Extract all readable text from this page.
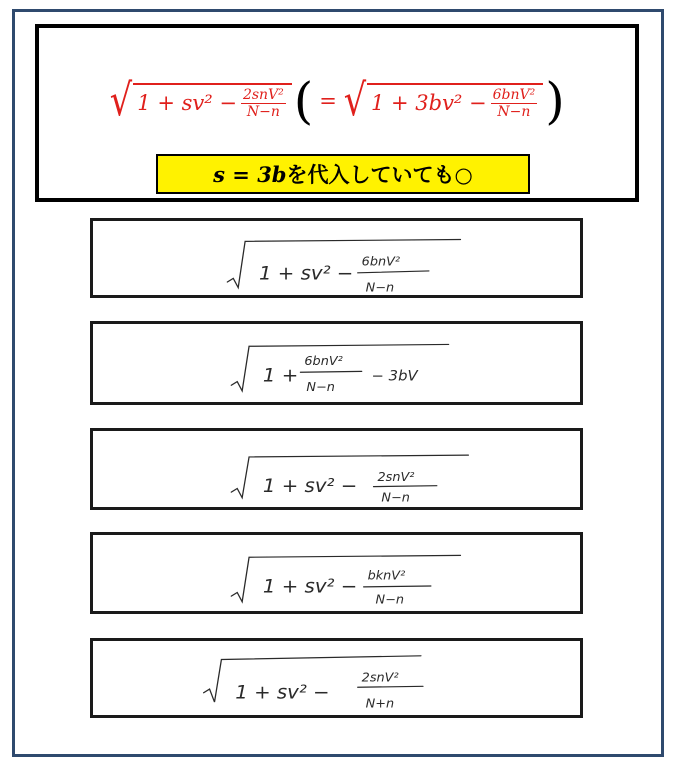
√ $1 + sv^2 - \frac{\text{2snV²}}{N-n}$ ( = √ $1 + 3bv^2 - \frac{\text{6bnV²}}{N-n}$ )
s = 3b を代入していても○
1 + sv² −
6bnV²
N−n
1 +
6bnV²
N−n
− 3bV
1 + sv² − 2snV²
N−n
1 + sv² − bknV²
N−n
1 + sv² −
2snV²
N+n
